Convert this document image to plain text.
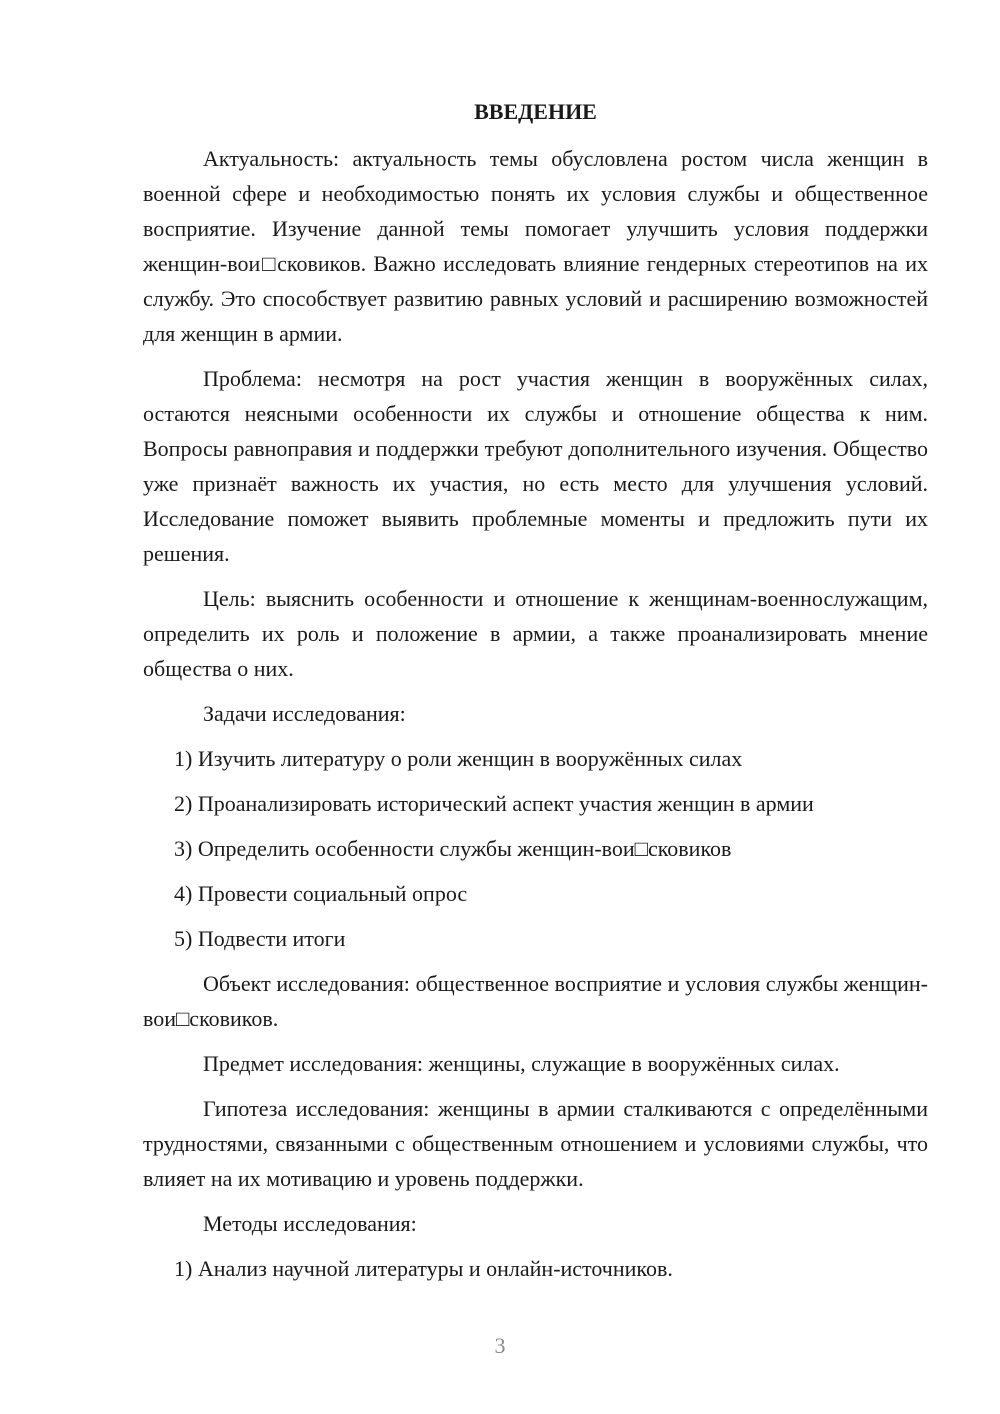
ВВЕДЕНИЕ
Актуальность: актуальность темы обусловлена ростом числа женщин в военной сфере и необходимостью понять их условия службы и общественное восприятие. Изучение данной темы помогает улучшить условия поддержки женщин-вои□сковиков. Важно исследовать влияние гендерных стереотипов на их службу. Это способствует развитию равных условий и расширению возможностей для женщин в армии.
Проблема: несмотря на рост участия женщин в вооружённых силах, остаются неясными особенности их службы и отношение общества к ним. Вопросы равноправия и поддержки требуют дополнительного изучения. Общество уже признаёт важность их участия, но есть место для улучшения условий. Исследование поможет выявить проблемные моменты и предложить пути их решения.
Цель: выяснить особенности и отношение к женщинам-военнослужащим, определить их роль и положение в армии, а также проанализировать мнение общества о них.
Задачи исследования:
1) Изучить литературу о роли женщин в вооружённых силах
2) Проанализировать исторический аспект участия женщин в армии
3) Определить особенности службы женщин-вои□сковиков
4) Провести социальный опрос
5) Подвести итоги
Объект исследования: общественное восприятие и условия службы женщин-вои□сковиков.
Предмет исследования: женщины, служащие в вооружённых силах.
Гипотеза исследования: женщины в армии сталкиваются с определёнными трудностями, связанными с общественным отношением и условиями службы, что влияет на их мотивацию и уровень поддержки.
Методы исследования:
1) Анализ научной литературы и онлайн-источников.
3
